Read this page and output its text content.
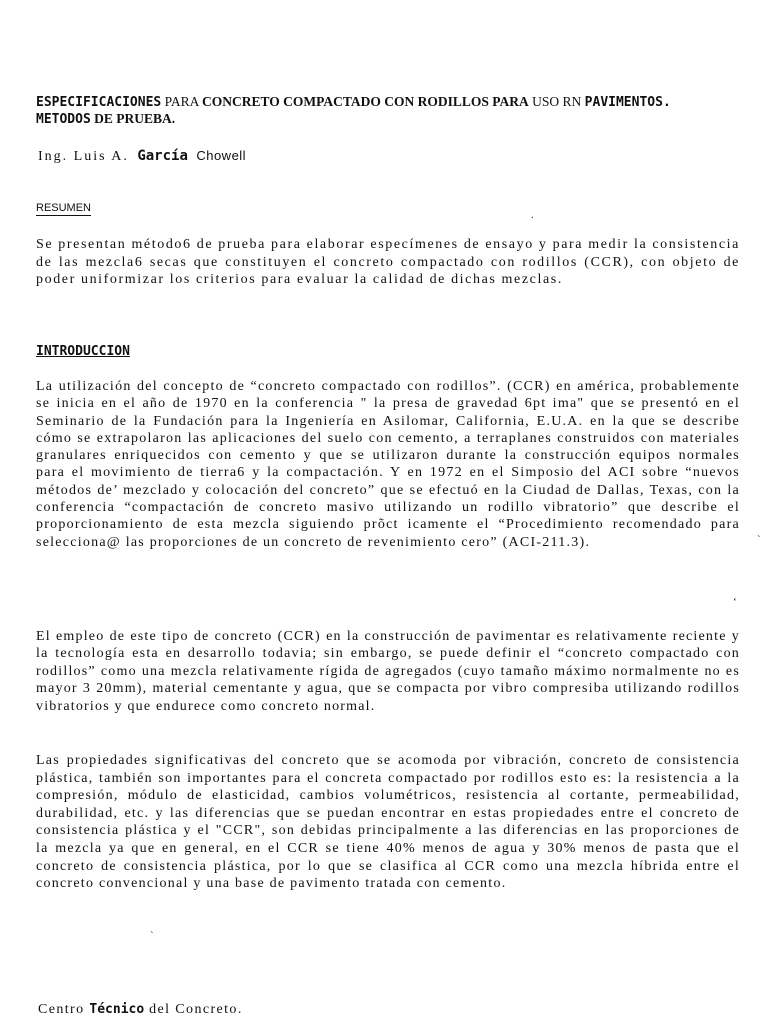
ESPECIFICACIONES PARA CONCRETO COMPACTADO CON RODILLOS PARA USO RN PAVIMENTOS.
METODOS DE PRUEBA.
Ing. Luis A. García Chowell
RESUMEN
.
Se presentan método6 de prueba para elaborar especímenes de ensayo y para medir la consistencia de las mezcla6 secas que constituyen el concreto compactado con rodillos (CCR), con objeto de poder uniformizar los criterios para evaluar la calidad de dichas mezclas.
INTRODUCCION
La utilización del concepto de “concreto compactado con rodillos”. (CCR) en américa, probablemente se inicia en el año de 1970 en la conferencia " la presa de gravedad 6pt ima" que se presentó en el Seminario de la Fundación para la Ingeniería en Asilomar, California, E.U.A. en la que se describe cómo se extrapolaron las aplicaciones del suelo con cemento, a terraplanes construidos con materiales granulares enriquecidos con cemento y que se utilizaron durante la construcción equipos normales para el movimiento de tierra6 y la compactación. Y en 1972 en el Simposio del ACI sobre “nuevos métodos de’ mezclado y colocación del concreto” que se efectuó en la Ciudad de Dallas, Texas, con la conferencia “compactación de concreto masivo utilizando un rodillo vibratorio” que describe el proporcionamiento de esta mezcla siguiendo prõct icamente el “Procedimiento recomendado para selecciona@ las proporciones de un concreto de revenimiento cero” (ACI-211.3).	`
‘
El empleo de este tipo de concreto (CCR) en la construcción de pavimentar es relativamente reciente y la tecnología esta en desarrollo todavia; sin embargo, se puede definir el “concreto compactado con rodillos” como una mezcla relativamente rígida de agregados (cuyo tamaño máximo normalmente no es mayor 3 20mm), material cementante y agua, que se compacta por vibro compresiba utilizando rodillos vibratorios y que endurece como concreto normal.
Las propiedades significativas del concreto que se acomoda por vibración, concreto de consistencia plástica, también son importantes para el concreta compactado por rodillos esto es: la resistencia a la compresión, módulo de elasticidad, cambios volumétricos, resistencia al cortante, permeabilidad, durabilidad, etc. y las diferencias que se puedan encontrar en estas propiedades entre el concreto de consistencia plástica y el "CCR", son debidas principalmente a las diferencias en las proporciones de la mezcla ya que en general, en el CCR se tiene 40% menos de agua y 30% menos de pasta que el concreto de consistencia plástica, por lo que se clasifica al CCR como una mezcla híbrida entre el concreto convencional y una base de pavimento tratada con cemento.
`
Centro Técnico del Concreto.
